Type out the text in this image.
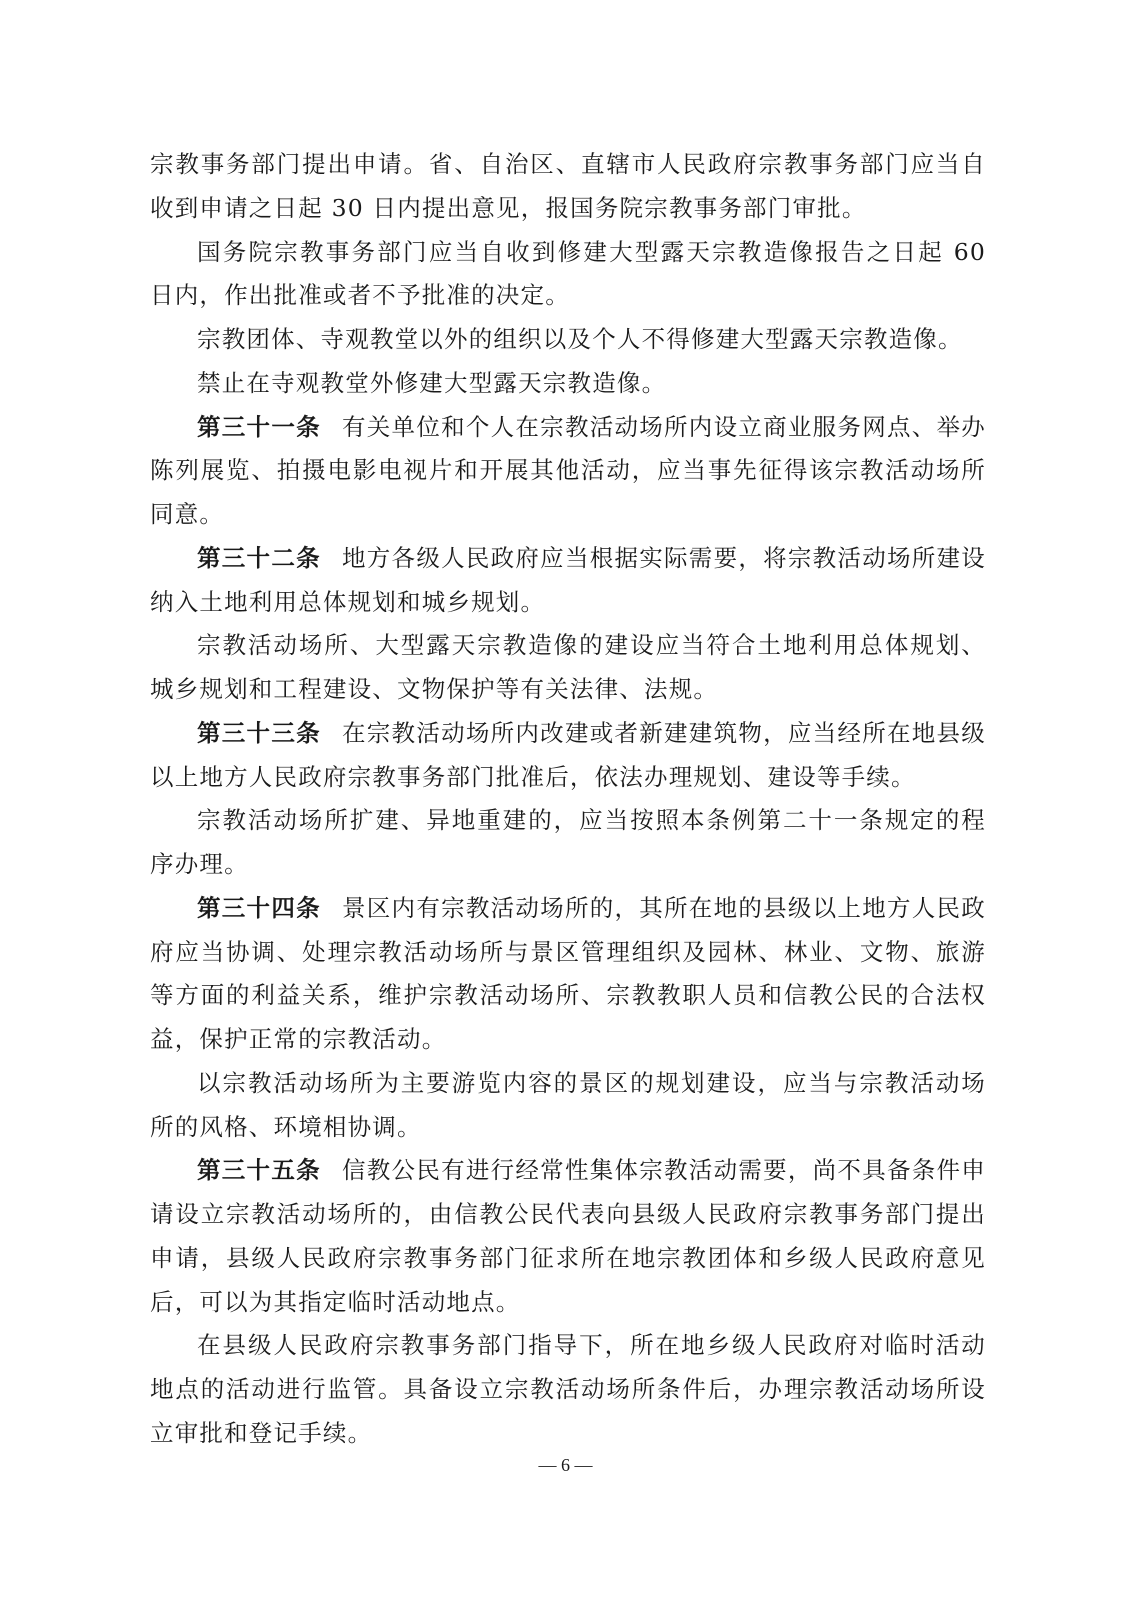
宗教事务部门提出申请。省、自治区、直辖市人民政府宗教事务部门应当自收到申请之日起 30 日内提出意见，报国务院宗教事务部门审批。

国务院宗教事务部门应当自收到修建大型露天宗教造像报告之日起 60 日内，作出批准或者不予批准的决定。

宗教团体、寺观教堂以外的组织以及个人不得修建大型露天宗教造像。

禁止在寺观教堂外修建大型露天宗教造像。

第三十一条 有关单位和个人在宗教活动场所内设立商业服务网点、举办陈列展览、拍摄电影电视片和开展其他活动，应当事先征得该宗教活动场所同意。

第三十二条 地方各级人民政府应当根据实际需要，将宗教活动场所建设纳入土地利用总体规划和城乡规划。

宗教活动场所、大型露天宗教造像的建设应当符合土地利用总体规划、城乡规划和工程建设、文物保护等有关法律、法规。

第三十三条 在宗教活动场所内改建或者新建建筑物，应当经所在地县级以上地方人民政府宗教事务部门批准后，依法办理规划、建设等手续。

宗教活动场所扩建、异地重建的，应当按照本条例第二十一条规定的程序办理。

第三十四条 景区内有宗教活动场所的，其所在地的县级以上地方人民政府应当协调、处理宗教活动场所与景区管理组织及园林、林业、文物、旅游等方面的利益关系，维护宗教活动场所、宗教教职人员和信教公民的合法权益，保护正常的宗教活动。

以宗教活动场所为主要游览内容的景区的规划建设，应当与宗教活动场所的风格、环境相协调。

第三十五条 信教公民有进行经常性集体宗教活动需要，尚不具备条件申请设立宗教活动场所的，由信教公民代表向县级人民政府宗教事务部门提出申请，县级人民政府宗教事务部门征求所在地宗教团体和乡级人民政府意见后，可以为其指定临时活动地点。

在县级人民政府宗教事务部门指导下，所在地乡级人民政府对临时活动地点的活动进行监管。具备设立宗教活动场所条件后，办理宗教活动场所设立审批和登记手续。

— 6 —
